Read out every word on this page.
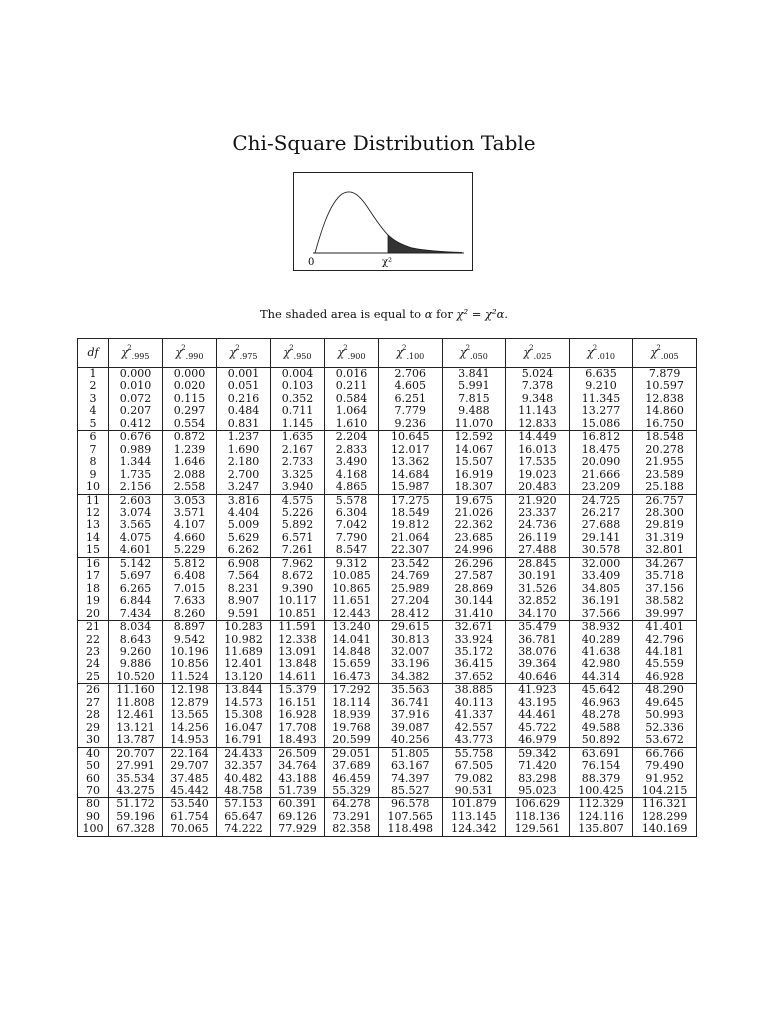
Chi-Square Distribution Table
0	χ²
The shaded area is equal to α for χ² = χ²α.
df	$\chi^2_{.995}$	$\chi^2_{.990}$	$\chi^2_{.975}$	$\chi^2_{.950}$	$\chi^2_{.900}$	$\chi^2_{.100}$	$\chi^2_{.050}$	$\chi^2_{.025}$	$\chi^2_{.010}$	$\chi^2_{.005}$
1	0.000	0.000	0.001	0.004	0.016	2.706	3.841	5.024	6.635	7.879
2	0.010	0.020	0.051	0.103	0.211	4.605	5.991	7.378	9.210	10.597
3	0.072	0.115	0.216	0.352	0.584	6.251	7.815	9.348	11.345	12.838
4	0.207	0.297	0.484	0.711	1.064	7.779	9.488	11.143	13.277	14.860
5	0.412	0.554	0.831	1.145	1.610	9.236	11.070	12.833	15.086	16.750
6	0.676	0.872	1.237	1.635	2.204	10.645	12.592	14.449	16.812	18.548
7	0.989	1.239	1.690	2.167	2.833	12.017	14.067	16.013	18.475	20.278
8	1.344	1.646	2.180	2.733	3.490	13.362	15.507	17.535	20.090	21.955
9	1.735	2.088	2.700	3.325	4.168	14.684	16.919	19.023	21.666	23.589
10	2.156	2.558	3.247	3.940	4.865	15.987	18.307	20.483	23.209	25.188
11	2.603	3.053	3.816	4.575	5.578	17.275	19.675	21.920	24.725	26.757
12	3.074	3.571	4.404	5.226	6.304	18.549	21.026	23.337	26.217	28.300
13	3.565	4.107	5.009	5.892	7.042	19.812	22.362	24.736	27.688	29.819
14	4.075	4.660	5.629	6.571	7.790	21.064	23.685	26.119	29.141	31.319
15	4.601	5.229	6.262	7.261	8.547	22.307	24.996	27.488	30.578	32.801
16	5.142	5.812	6.908	7.962	9.312	23.542	26.296	28.845	32.000	34.267
17	5.697	6.408	7.564	8.672	10.085	24.769	27.587	30.191	33.409	35.718
18	6.265	7.015	8.231	9.390	10.865	25.989	28.869	31.526	34.805	37.156
19	6.844	7.633	8.907	10.117	11.651	27.204	30.144	32.852	36.191	38.582
20	7.434	8.260	9.591	10.851	12.443	28.412	31.410	34.170	37.566	39.997
21	8.034	8.897	10.283	11.591	13.240	29.615	32.671	35.479	38.932	41.401
22	8.643	9.542	10.982	12.338	14.041	30.813	33.924	36.781	40.289	42.796
23	9.260	10.196	11.689	13.091	14.848	32.007	35.172	38.076	41.638	44.181
24	9.886	10.856	12.401	13.848	15.659	33.196	36.415	39.364	42.980	45.559
25	10.520	11.524	13.120	14.611	16.473	34.382	37.652	40.646	44.314	46.928
26	11.160	12.198	13.844	15.379	17.292	35.563	38.885	41.923	45.642	48.290
27	11.808	12.879	14.573	16.151	18.114	36.741	40.113	43.195	46.963	49.645
28	12.461	13.565	15.308	16.928	18.939	37.916	41.337	44.461	48.278	50.993
29	13.121	14.256	16.047	17.708	19.768	39.087	42.557	45.722	49.588	52.336
30	13.787	14.953	16.791	18.493	20.599	40.256	43.773	46.979	50.892	53.672
40	20.707	22.164	24.433	26.509	29.051	51.805	55.758	59.342	63.691	66.766
50	27.991	29.707	32.357	34.764	37.689	63.167	67.505	71.420	76.154	79.490
60	35.534	37.485	40.482	43.188	46.459	74.397	79.082	83.298	88.379	91.952
70	43.275	45.442	48.758	51.739	55.329	85.527	90.531	95.023	100.425	104.215
80	51.172	53.540	57.153	60.391	64.278	96.578	101.879	106.629	112.329	116.321
90	59.196	61.754	65.647	69.126	73.291	107.565	113.145	118.136	124.116	128.299
100	67.328	70.065	74.222	77.929	82.358	118.498	124.342	129.561	135.807	140.169
